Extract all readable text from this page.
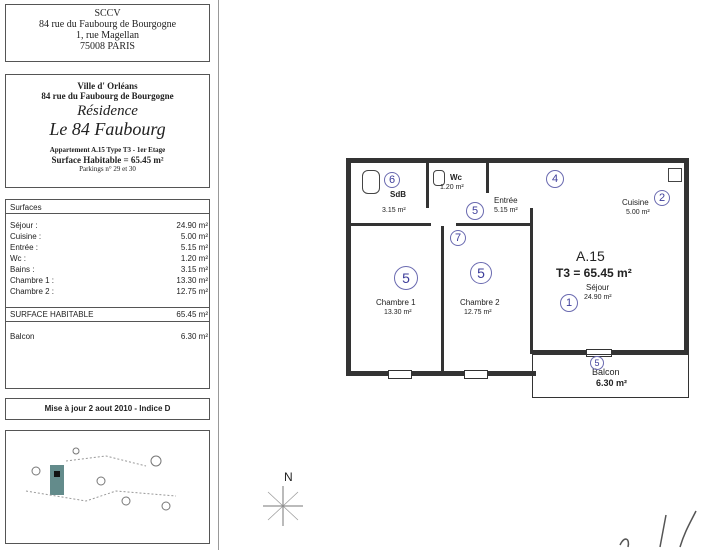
SCCV
84 rue du Faubourg de Bourgogne
1, rue Magellan
75008 PARIS
Ville d' Orléans
84 rue du Faubourg de Bourgogne
Résidence
Le 84 Faubourg
Appartement A.15 Type T3 - 1er Etage
Surface Habitable = 65.45 m²
Parkings n° 29 et 30
Surfaces
Séjour :	24.90 m²
Cuisine :	5.00 m²
Entrée :	5.15 m²
Wc :	1.20 m²
Bains :	3.15 m²
Chambre 1 :	13.30 m²
Chambre 2 :	12.75 m²
SURFACE HABITABLE	65.45 m²
Balcon	6.30 m²
Mise à jour 2 aout 2010 - Indice D
SdB
3.15 m²
Wc
1.20 m²
Entrée
5.15 m²
Cuisine
5.00 m²
A.15
T3 = 65.45 m²
Séjour
24.90 m²
Chambre 1
13.30 m²
Chambre 2
12.75 m²
Balcon
6.30 m²
6	4
5
2
7
5	5
1
5
N
